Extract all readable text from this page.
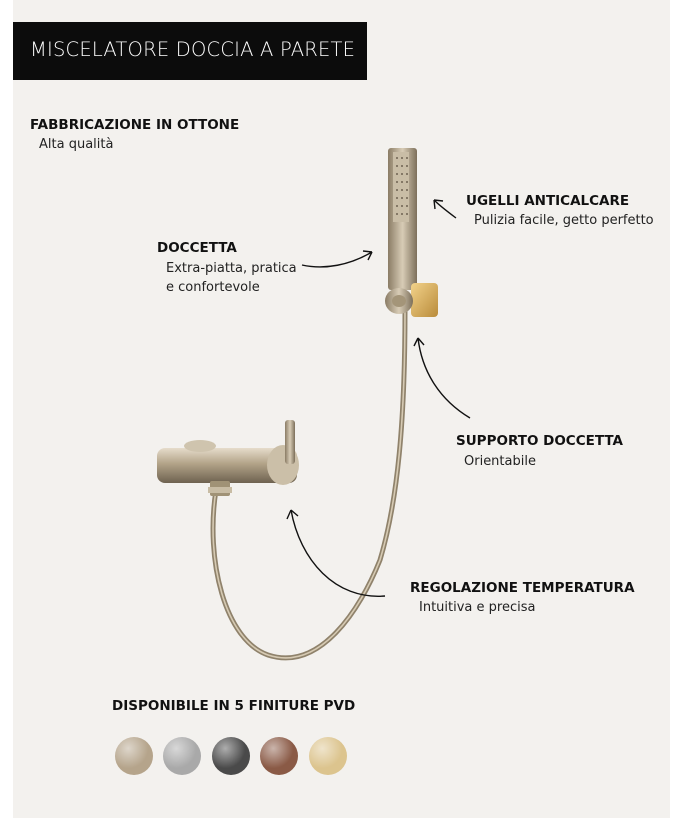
MISCELATORE DOCCIA A PARETE
FABBRICAZIONE IN OTTONE
Alta qualità
UGELLI ANTICALCARE
Pulizia facile, getto perfetto
DOCCETTA
Extra-piatta, pratica
e confortevole
SUPPORTO DOCCETTA
Orientabile
REGOLAZIONE TEMPERATURA
Intuitiva e precisa
DISPONIBILE IN 5 FINITURE PVD
